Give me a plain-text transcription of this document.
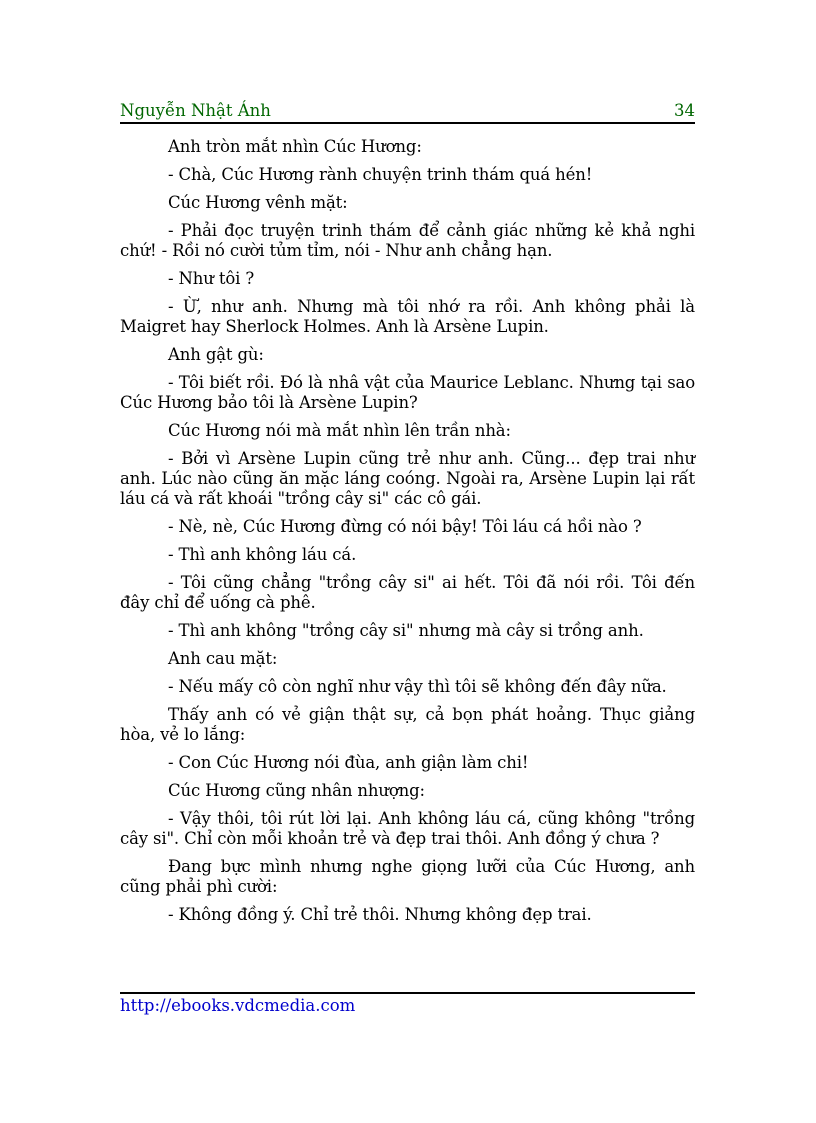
Nguyễn Nhật Ánh	34

Anh tròn mắt nhìn Cúc Hương:

- Chà, Cúc Hương rành chuyện trinh thám quá hén!

Cúc Hương vênh mặt:

- Phải đọc truyện trinh thám để cảnh giác những kẻ khả nghi chứ! - Rồi nó cười tủm tỉm, nói - Như anh chẳng hạn.

- Như tôi ?

- Ừ, như anh. Nhưng mà tôi nhớ ra rồi. Anh không phải là Maigret hay Sherlock Holmes. Anh là Arsène Lupin.

Anh gật gù:

- Tôi biết rồi. Đó là nhâ vật của Maurice Leblanc. Nhưng tại sao Cúc Hương bảo tôi là Arsène Lupin?

Cúc Hương nói mà mắt nhìn lên trần nhà:

- Bởi vì Arsène Lupin cũng trẻ như anh. Cũng... đẹp trai như anh. Lúc nào cũng ăn mặc láng coóng. Ngoài ra, Arsène Lupin lại rất láu cá và rất khoái "trồng cây si" các cô gái.

- Nè, nè, Cúc Hương đừng có nói bậy! Tôi láu cá hồi nào ?

- Thì anh không láu cá.

- Tôi cũng chẳng "trồng cây si" ai hết. Tôi đã nói rồi. Tôi đến đây chỉ để uống cà phê.

- Thì anh không "trồng cây si" nhưng mà cây si trồng anh.

Anh cau mặt:

- Nếu mấy cô còn nghĩ như vậy thì tôi sẽ không đến đây nữa.

Thấy anh có vẻ giận thật sự, cả bọn phát hoảng. Thục giảng hòa, vẻ lo lắng:

- Con Cúc Hương nói đùa, anh giận làm chi!

Cúc Hương cũng nhân nhượng:

- Vậy thôi, tôi rút lời lại. Anh không láu cá, cũng không "trồng cây si". Chỉ còn mỗi khoản trẻ và đẹp trai thôi. Anh đồng ý chưa ?

Đang bực mình nhưng nghe giọng lưỡi của Cúc Hương, anh cũng phải phì cười:

- Không đồng ý. Chỉ trẻ thôi. Nhưng không đẹp trai.

http://ebooks.vdcmedia.com
